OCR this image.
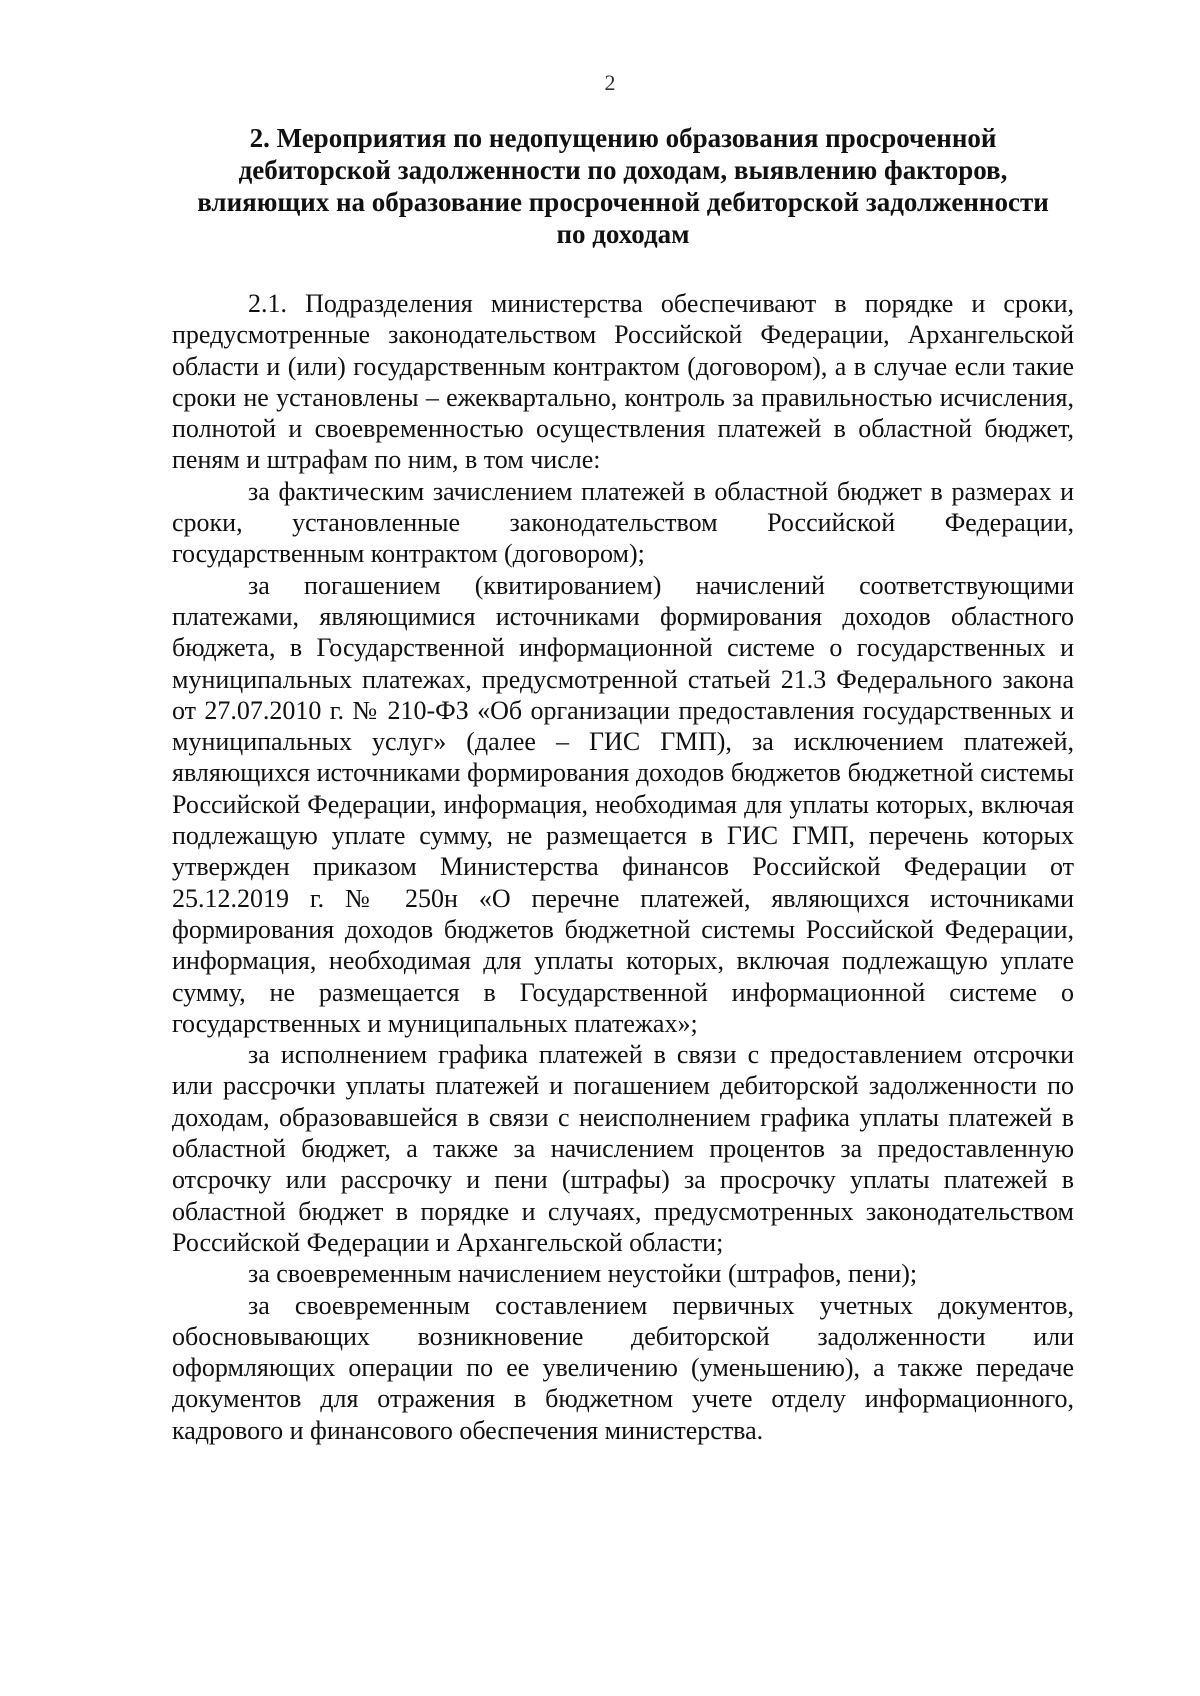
2
2. Мероприятия по недопущению образования просроченной
дебиторской задолженности по доходам, выявлению факторов,
влияющих на образование просроченной дебиторской задолженности
по доходам

2.1. Подразделения министерства обеспечивают в порядке и сроки, предусмотренные законодательством Российской Федерации, Архангельской области и (или) государственным контрактом (договором), а в случае если такие сроки не установлены – ежеквартально, контроль за правильностью исчисления, полнотой и своевременностью осуществления платежей в областной бюджет, пеням и штрафам по ним, в том числе:

за фактическим зачислением платежей в областной бюджет в размерах и сроки, установленные законодательством Российской Федерации, государственным контрактом (договором);

за погашением (квитированием) начислений соответствующими платежами, являющимися источниками формирования доходов областного бюджета, в Государственной информационной системе о государственных и муниципальных платежах, предусмотренной статьей 21.3 Федерального закона от 27.07.2010 г. № 210-ФЗ «Об организации предоставления государственных и муниципальных услуг» (далее – ГИС ГМП), за исключением платежей, являющихся источниками формирования доходов бюджетов бюджетной системы Российской Федерации, информация, необходимая для уплаты которых, включая подлежащую уплате сумму, не размещается в ГИС ГМП, перечень которых утвержден приказом Министерства финансов Российской Федерации от 25.12.2019 г. № 250н «О перечне платежей, являющихся источниками формирования доходов бюджетов бюджетной системы Российской Федерации, информация, необходимая для уплаты которых, включая подлежащую уплате сумму, не размещается в Государственной информационной системе о государственных и муниципальных платежах»;

за исполнением графика платежей в связи с предоставлением отсрочки или рассрочки уплаты платежей и погашением дебиторской задолженности по доходам, образовавшейся в связи с неисполнением графика уплаты платежей в областной бюджет, а также за начислением процентов за предоставленную отсрочку или рассрочку и пени (штрафы) за просрочку уплаты платежей в областной бюджет в порядке и случаях, предусмотренных законодательством Российской Федерации и Архангельской области;

за своевременным начислением неустойки (штрафов, пени);

за своевременным составлением первичных учетных документов, обосновывающих возникновение дебиторской задолженности или оформляющих операции по ее увеличению (уменьшению), а также передаче документов для отражения в бюджетном учете отделу информационного, кадрового и финансового обеспечения министерства.
